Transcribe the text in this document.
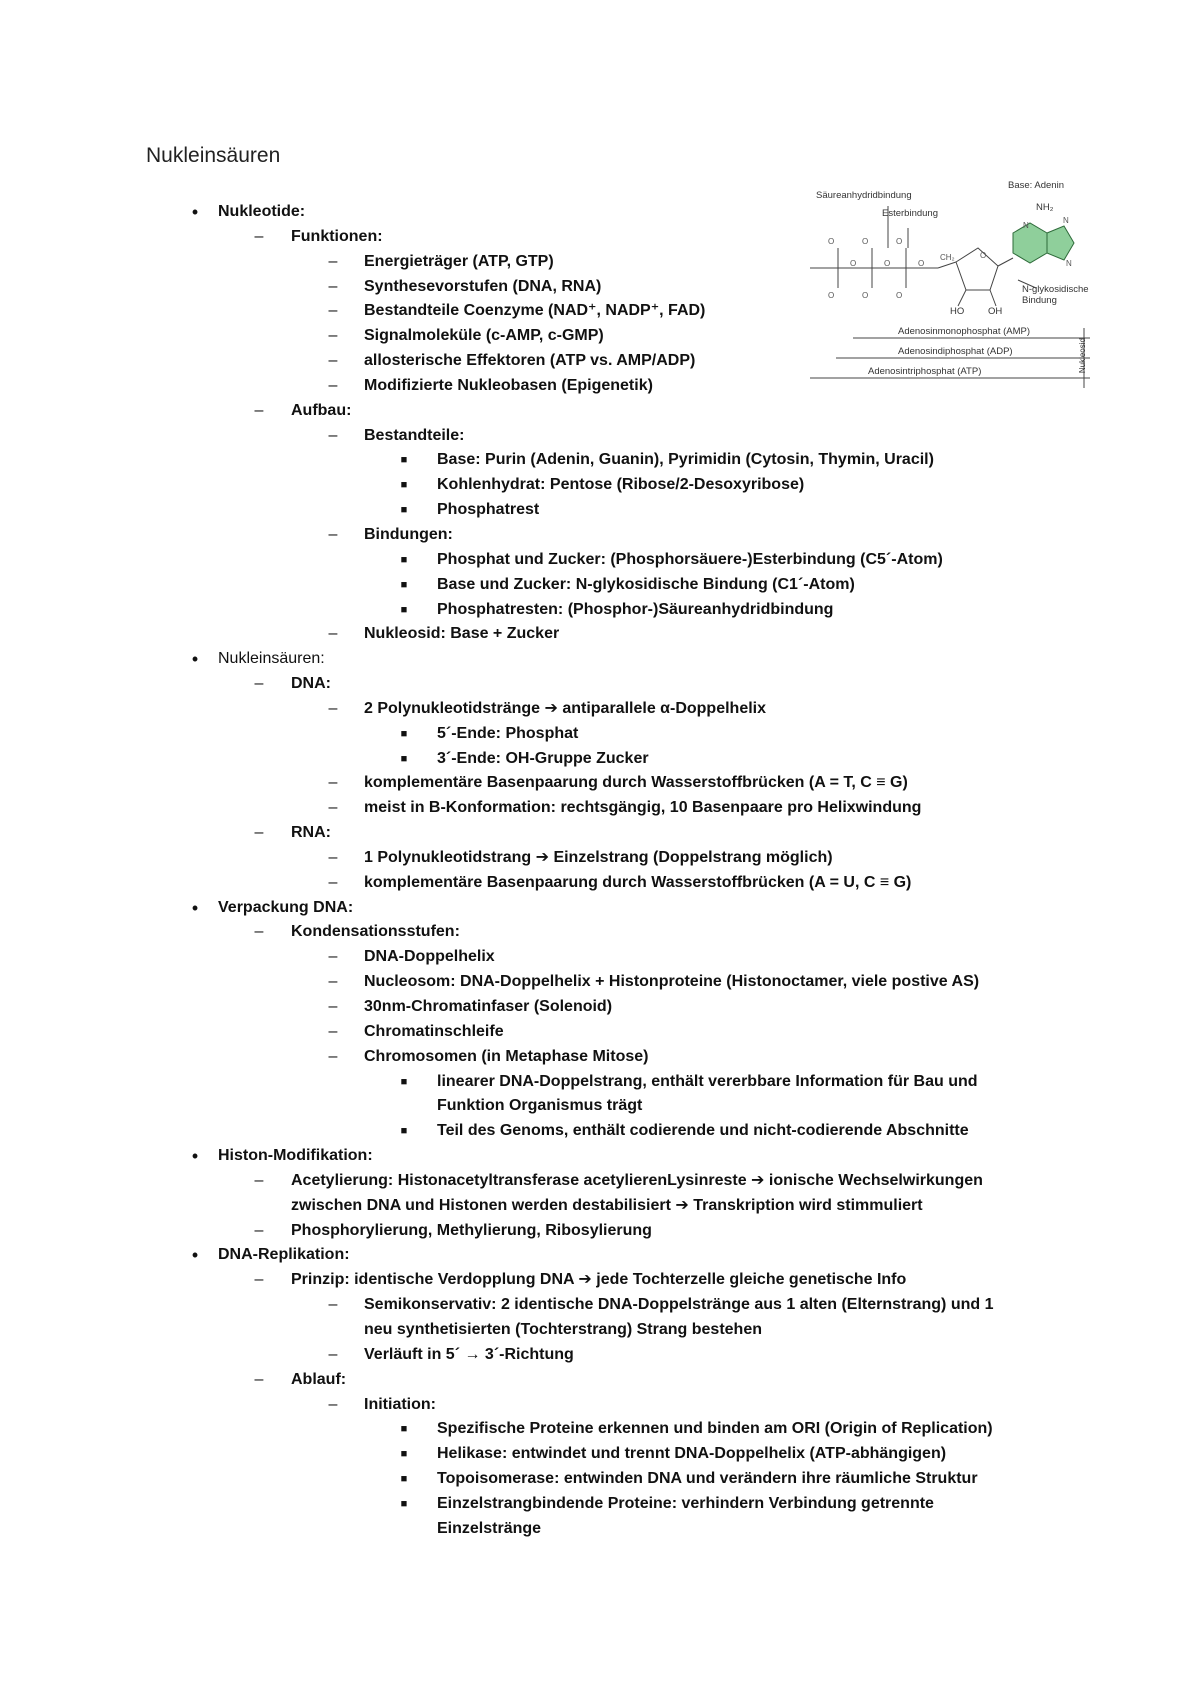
Nukleinsäuren
•	Nukleotide:
–	Funktionen:
–	Energieträger (ATP, GTP)
–	Synthesevorstufen (DNA, RNA)
–	Bestandteile Coenzyme (NAD⁺, NADP⁺, FAD)
–	Signalmoleküle (c-AMP, c-GMP)
–	allosterische Effektoren (ATP vs. AMP/ADP)
–	Modifizierte Nukleobasen (Epigenetik)
–	Aufbau:
–	Bestandteile:
■	Base: Purin (Adenin, Guanin), Pyrimidin (Cytosin, Thymin, Uracil)
■	Kohlenhydrat: Pentose (Ribose/2-Desoxyribose)
■	Phosphatrest
–	Bindungen:
■	Phosphat und Zucker: (Phosphorsäuere-)Esterbindung (C5´-Atom)
■	Base und Zucker: N-glykosidische Bindung (C1´-Atom)
■	Phosphatresten: (Phosphor-)Säureanhydridbindung
–	Nukleosid: Base + Zucker
•	Nukleinsäuren:
–	DNA:
–	2 Polynukleotidstränge ➔ antiparallele α-Doppelhelix
■	5´-Ende: Phosphat
■	3´-Ende: OH-Gruppe Zucker
–	komplementäre Basenpaarung durch Wasserstoffbrücken (A = T, C ≡ G)
–	meist in B-Konformation: rechtsgängig, 10 Basenpaare pro Helixwindung
–	RNA:
–	1 Polynukleotidstrang ➔ Einzelstrang (Doppelstrang möglich)
–	komplementäre Basenpaarung durch Wasserstoffbrücken (A = U, C ≡ G)
•	Verpackung DNA:
–	Kondensationsstufen:
–	DNA-Doppelhelix
–	Nucleosom: DNA-Doppelhelix + Histonproteine (Histonoctamer, viele postive AS)
–	30nm-Chromatinfaser (Solenoid)
–	Chromatinschleife
–	Chromosomen (in Metaphase Mitose)
■	linearer DNA-Doppelstrang, enthält vererbbare Information für Bau und
Funktion Organismus trägt
■	Teil des Genoms, enthält codierende und nicht-codierende Abschnitte
•	Histon-Modifikation:
–	Acetylierung: Histonacetyltransferase acetylierenLysinreste ➔ ionische Wechselwirkungen
zwischen DNA und Histonen werden destabilisiert ➔ Transkription wird stimmuliert
–	Phosphorylierung, Methylierung, Ribosylierung
•	DNA-Replikation:
–	Prinzip: identische Verdopplung DNA ➔ jede Tochterzelle gleiche genetische Info
–	Semikonservativ: 2 identische DNA-Doppelstränge aus 1 alten (Elternstrang) und 1
neu synthetisierten (Tochterstrang) Strang bestehen
–	Verläuft in 5´ → 3´-Richtung
–	Ablauf:
–	Initiation:
■	Spezifische Proteine erkennen und binden am ORI (Origin of Replication)
■	Helikase: entwindet und trennt DNA-Doppelhelix (ATP-abhängigen)
■	Topoisomerase: entwinden DNA und verändern ihre räumliche Struktur
■	Einzelstrangbindende Proteine: verhindern Verbindung getrennte
Einzelstränge
O	O	O
O	O	O
O	O	O
CH₂	O
N
N
N
Säureanhydridbindung
Esterbindung
Base: Adenin
NH₂
N-glykosidische Bindung
HO	OH
Adenosinmonophosphat (AMP)
Adenosindiphosphat (ADP)
Adenosintriphosphat (ATP)	Nukleosid
